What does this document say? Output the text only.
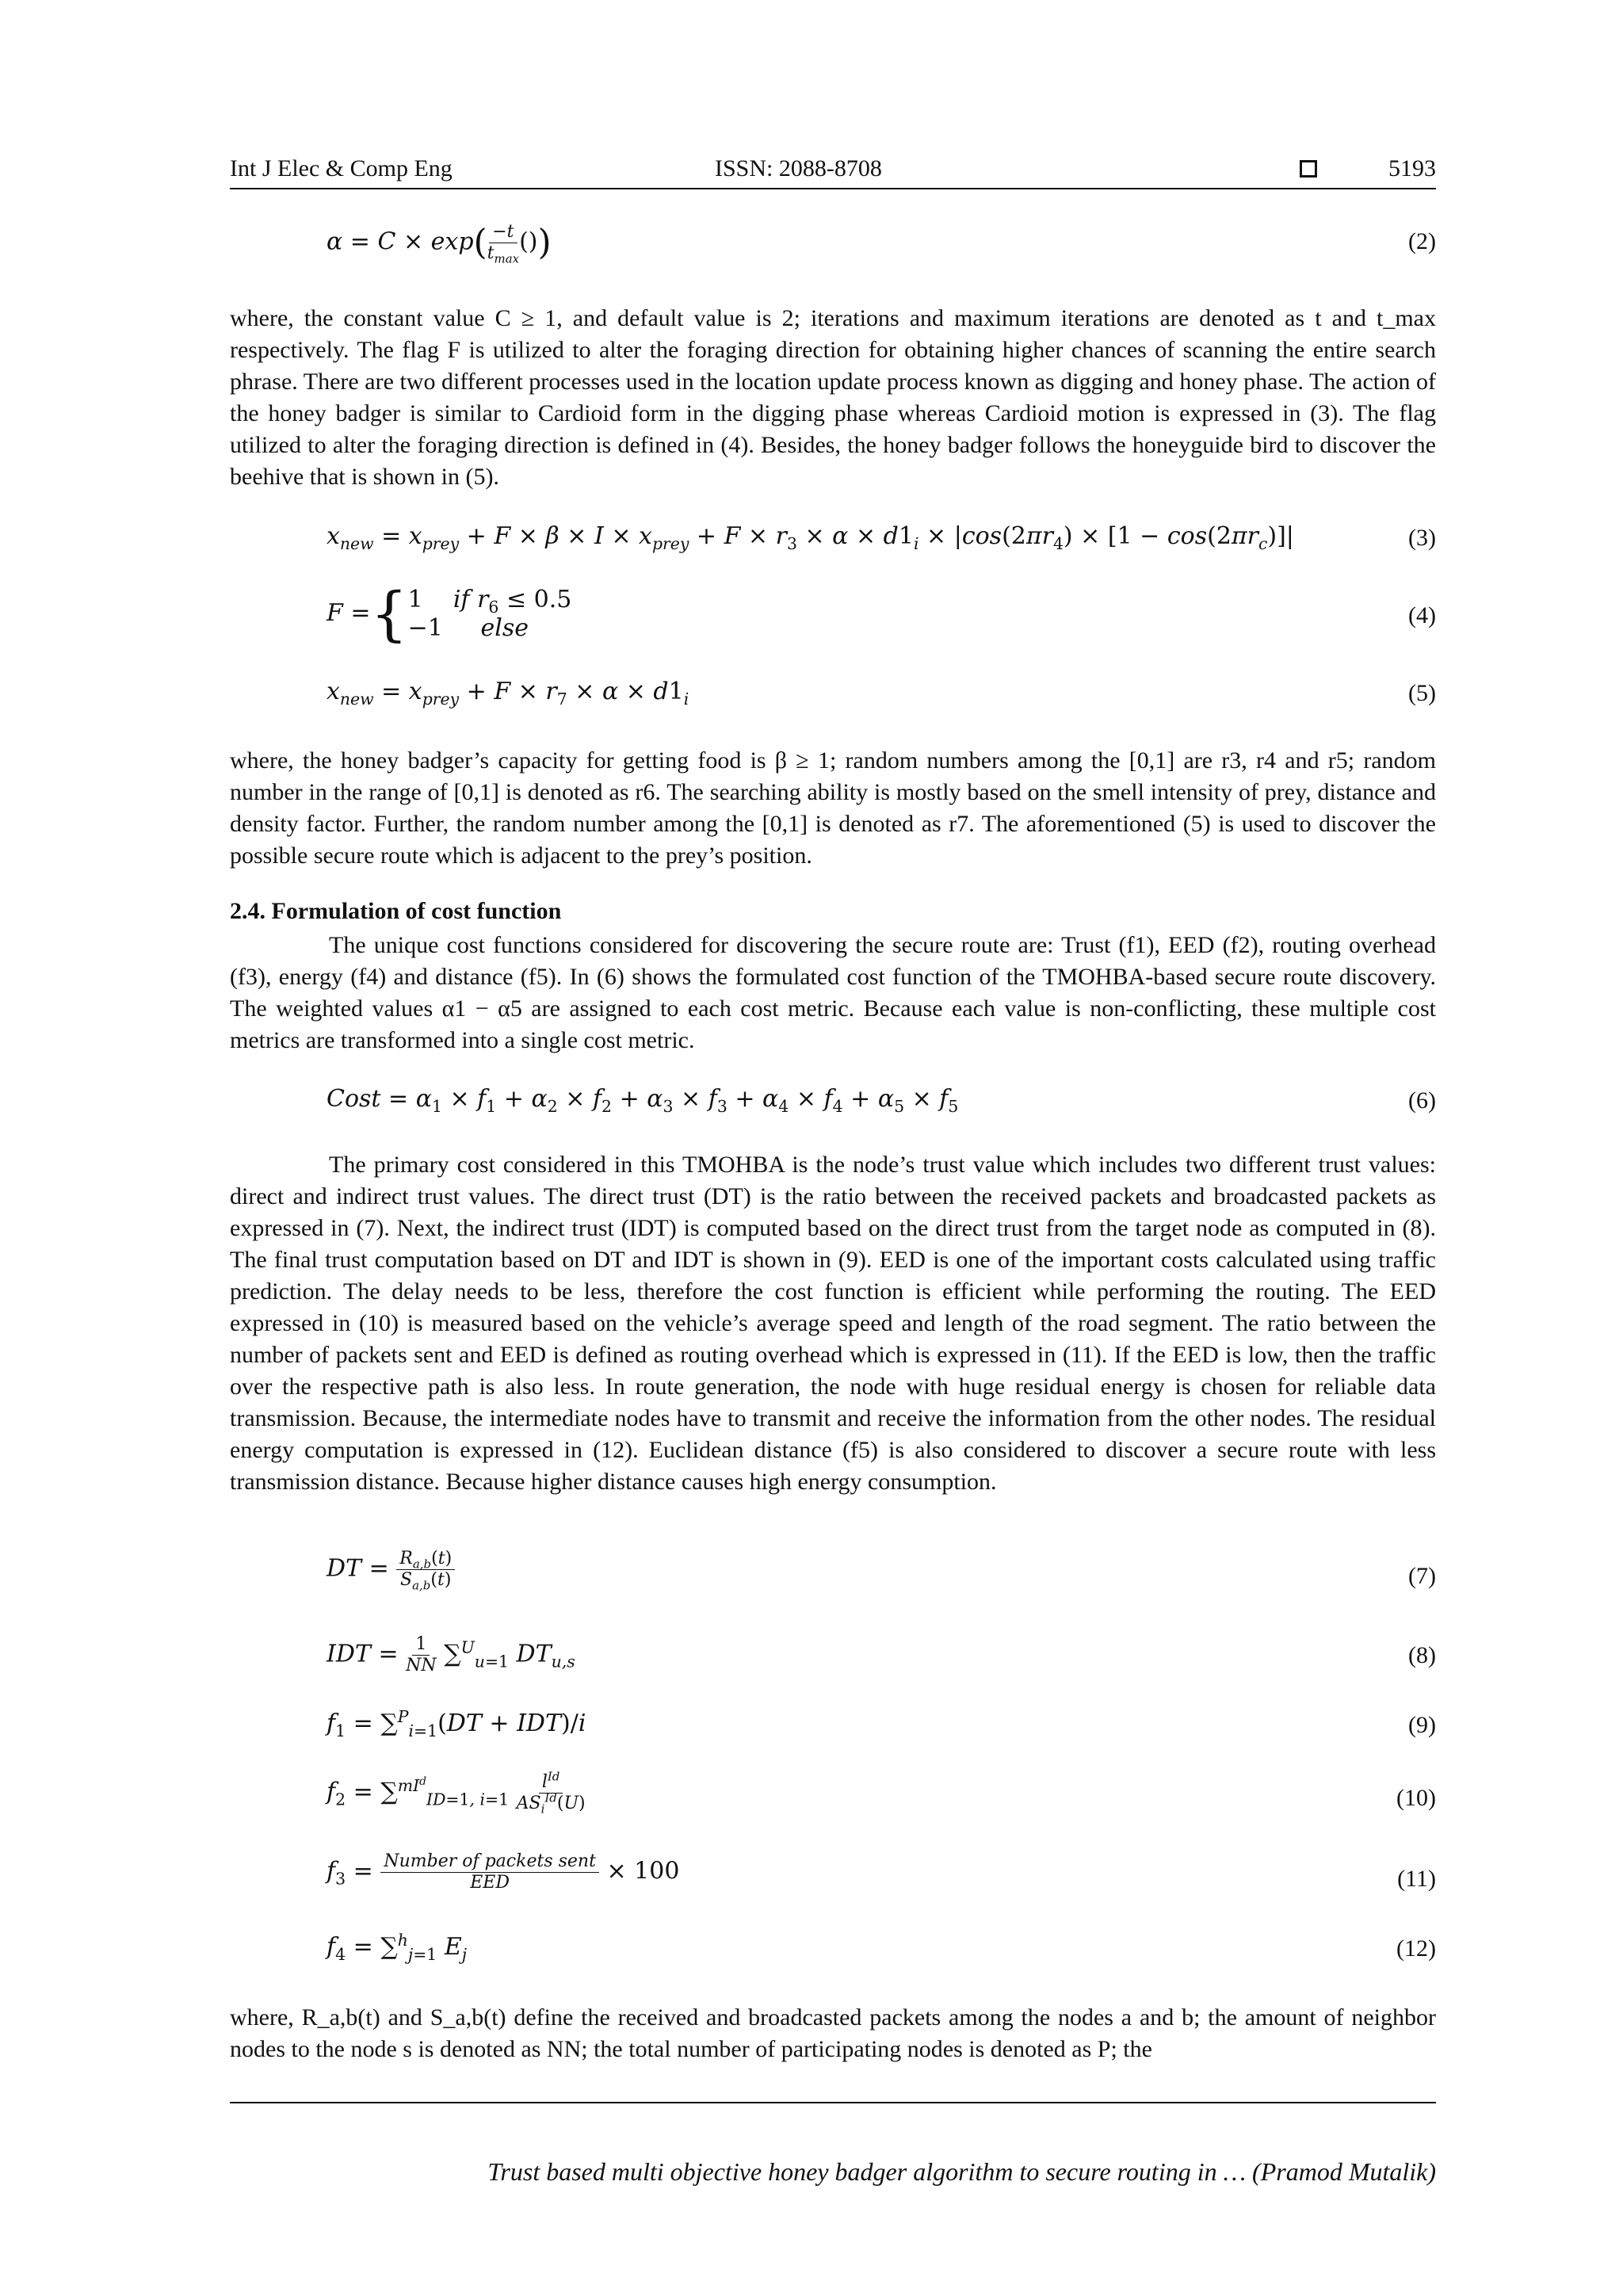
Int J Elec & Comp Eng	ISSN: 2088-8708	5193
$\alpha = C \times \exp( \frac{-t}{t_{max}}$ ())	(2)
where, the constant value C ≥ 1, and default value is 2; iterations and maximum iterations are denoted as t and t_max respectively. The flag F is utilized to alter the foraging direction for obtaining higher chances of scanning the entire search phrase. There are two different processes used in the location update process known as digging and honey phase. The action of the honey badger is similar to Cardioid form in the digging phase whereas Cardioid motion is expressed in (3). The flag utilized to alter the foraging direction is defined in (4). Besides, the honey badger follows the honeyguide bird to discover the beehive that is shown in (5).
$x_{new} = x_{prey} + F \times \beta \times I \times x_{prey} + F \times r_3 \times \alpha \times d1_i \times |\cos(2\pi r_4) \times [1 - \cos(2\pi r_c)]|$	(3)
F ={ 1    if $r_6 \le 0.5$
−1     else	(4)
$x_{new} = x_{prey} + F \times r_7 \times \alpha \times d1_i$	(5)
where, the honey badger’s capacity for getting food is β ≥ 1; random numbers among the [0,1] are r3, r4 and r5; random number in the range of [0,1] is denoted as r6. The searching ability is mostly based on the smell intensity of prey, distance and density factor. Further, the random number among the [0,1] is denoted as r7. The aforementioned (5) is used to discover the possible secure route which is adjacent to the prey’s position.
2.4. Formulation of cost function
The unique cost functions considered for discovering the secure route are: Trust (f1), EED (f2), routing overhead (f3), energy (f4) and distance (f5). In (6) shows the formulated cost function of the TMOHBA-based secure route discovery. The weighted values α1 − α5 are assigned to each cost metric. Because each value is non-conflicting, these multiple cost metrics are transformed into a single cost metric.
Cost = $\alpha_1 \times f_1 + \alpha_2 \times f_2 + \alpha_3 \times f_3 + \alpha_4 \times f_4 + \alpha_5 \times f_5$	(6)
The primary cost considered in this TMOHBA is the node’s trust value which includes two different trust values: direct and indirect trust values. The direct trust (DT) is the ratio between the received packets and broadcasted packets as expressed in (7). Next, the indirect trust (IDT) is computed based on the direct trust from the target node as computed in (8). The final trust computation based on DT and IDT is shown in (9). EED is one of the important costs calculated using traffic prediction. The delay needs to be less, therefore the cost function is efficient while performing the routing. The EED expressed in (10) is measured based on the vehicle’s average speed and length of the road segment. The ratio between the number of packets sent and EED is defined as routing overhead which is expressed in (11). If the EED is low, then the traffic over the respective path is also less. In route generation, the node with huge residual energy is chosen for reliable data transmission. Because, the intermediate nodes have to transmit and receive the information from the other nodes. The residual energy computation is expressed in (12). Euclidean distance (f5) is also considered to discover a secure route with less transmission distance. Because higher distance causes high energy consumption.
DT = $\frac{R_{a,b}(t)}{S_{a,b}(t)}$	(7)
IDT = $\frac{1}{NN} \sum^U_{u=1}$ $DT_{u,s}$	(8)
$f_1 = \sum^P_{i=1}(DT + IDT)/i$	(9)
$f_2 = \sum^{mI^d}_{ID=1, i=1} \frac{l^{Id}}{AS_i^{Id}(U)}$	(10)
$f_3 = \frac{\text{Number of packets sent}}{\text{EED}} \times 100$	(11)
$f_4 = \sum^h_{j=1}$ $E_j$	(12)
where, R_a,b(t) and S_a,b(t) define the received and broadcasted packets among the nodes a and b; the amount of neighbor nodes to the node s is denoted as NN; the total number of participating nodes is denoted as P; the
Trust based multi objective honey badger algorithm to secure routing in … (Pramod Mutalik)
